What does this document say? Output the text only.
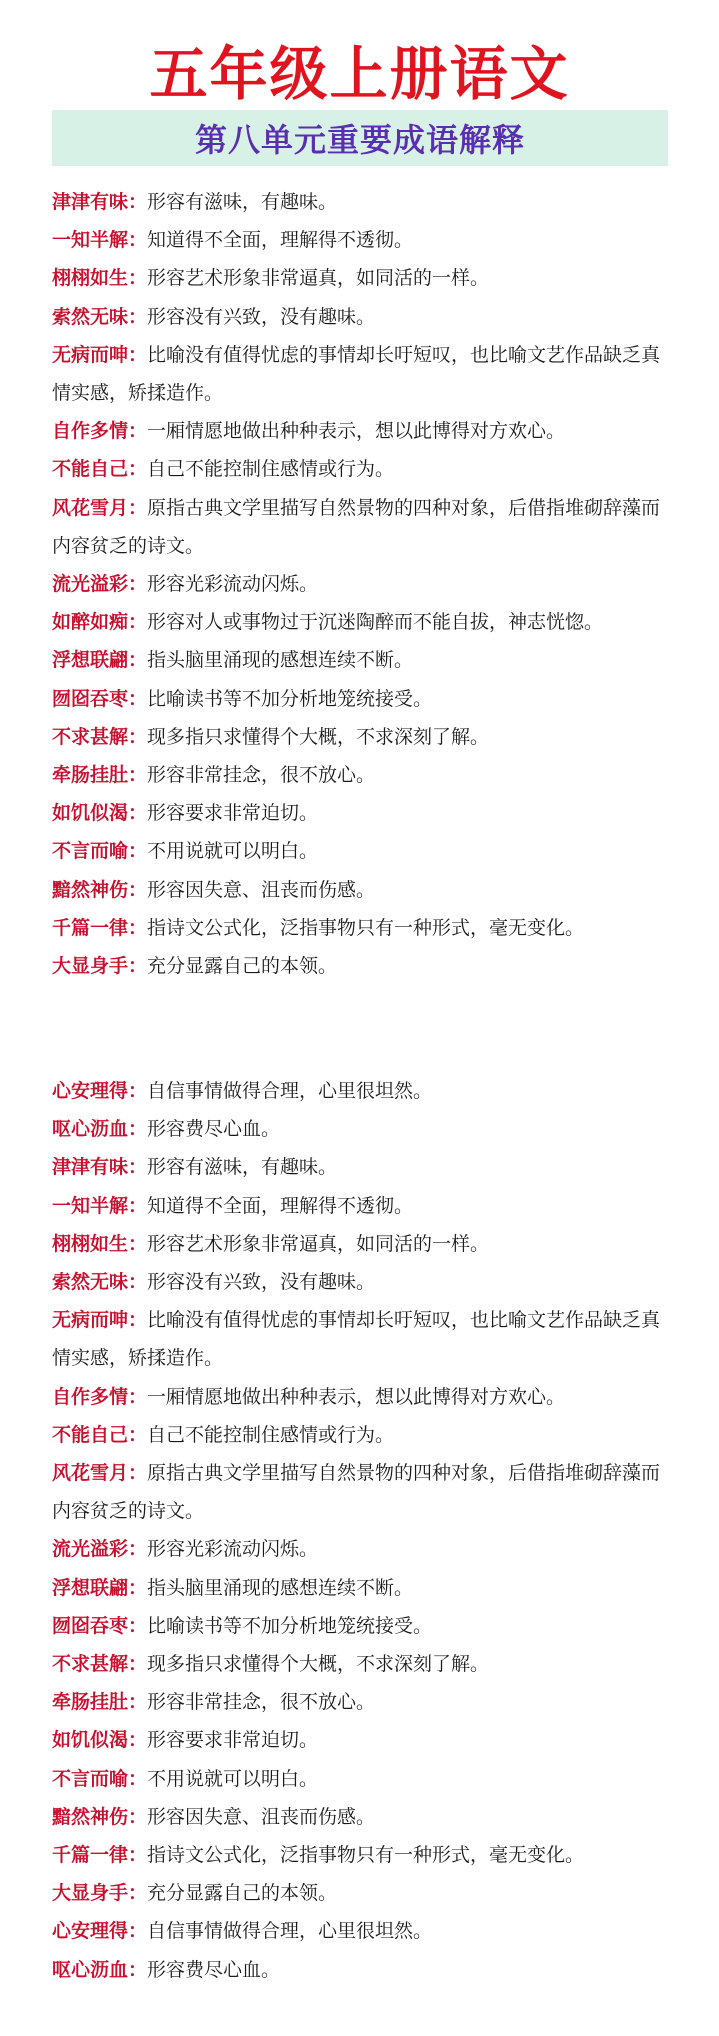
五年级上册语文
第八单元重要成语解释

津津有味：形容有滋味，有趣味。

一知半解：知道得不全面，理解得不透彻。

栩栩如生：形容艺术形象非常逼真，如同活的一样。

索然无味：形容没有兴致，没有趣味。

无病而呻：比喻没有值得忧虑的事情却长吁短叹，也比喻文艺作品缺乏真情实感，矫揉造作。

自作多情：一厢情愿地做出种种表示，想以此博得对方欢心。

不能自己：自己不能控制住感情或行为。

风花雪月：原指古典文学里描写自然景物的四种对象，后借指堆砌辞藻而内容贫乏的诗文。

流光溢彩：形容光彩流动闪烁。

如醉如痴：形容对人或事物过于沉迷陶醉而不能自拔，神志恍惚。

浮想联翩：指头脑里涌现的感想连续不断。

囫囵吞枣：比喻读书等不加分析地笼统接受。

不求甚解：现多指只求懂得个大概，不求深刻了解。

牵肠挂肚：形容非常挂念，很不放心。

如饥似渴：形容要求非常迫切。

不言而喻：不用说就可以明白。

黯然神伤：形容因失意、沮丧而伤感。

千篇一律：指诗文公式化，泛指事物只有一种形式，毫无变化。

大显身手：充分显露自己的本领。

心安理得：自信事情做得合理，心里很坦然。

呕心沥血：形容费尽心血。

津津有味：形容有滋味，有趣味。

一知半解：知道得不全面，理解得不透彻。

栩栩如生：形容艺术形象非常逼真，如同活的一样。

索然无味：形容没有兴致，没有趣味。

无病而呻：比喻没有值得忧虑的事情却长吁短叹，也比喻文艺作品缺乏真情实感，矫揉造作。

自作多情：一厢情愿地做出种种表示，想以此博得对方欢心。

不能自己：自己不能控制住感情或行为。

风花雪月：原指古典文学里描写自然景物的四种对象，后借指堆砌辞藻而内容贫乏的诗文。

流光溢彩：形容光彩流动闪烁。

浮想联翩：指头脑里涌现的感想连续不断。

囫囵吞枣：比喻读书等不加分析地笼统接受。

不求甚解：现多指只求懂得个大概，不求深刻了解。

牵肠挂肚：形容非常挂念，很不放心。

如饥似渴：形容要求非常迫切。

不言而喻：不用说就可以明白。

黯然神伤：形容因失意、沮丧而伤感。

千篇一律：指诗文公式化，泛指事物只有一种形式，毫无变化。

大显身手：充分显露自己的本领。

心安理得：自信事情做得合理，心里很坦然。

呕心沥血：形容费尽心血。
